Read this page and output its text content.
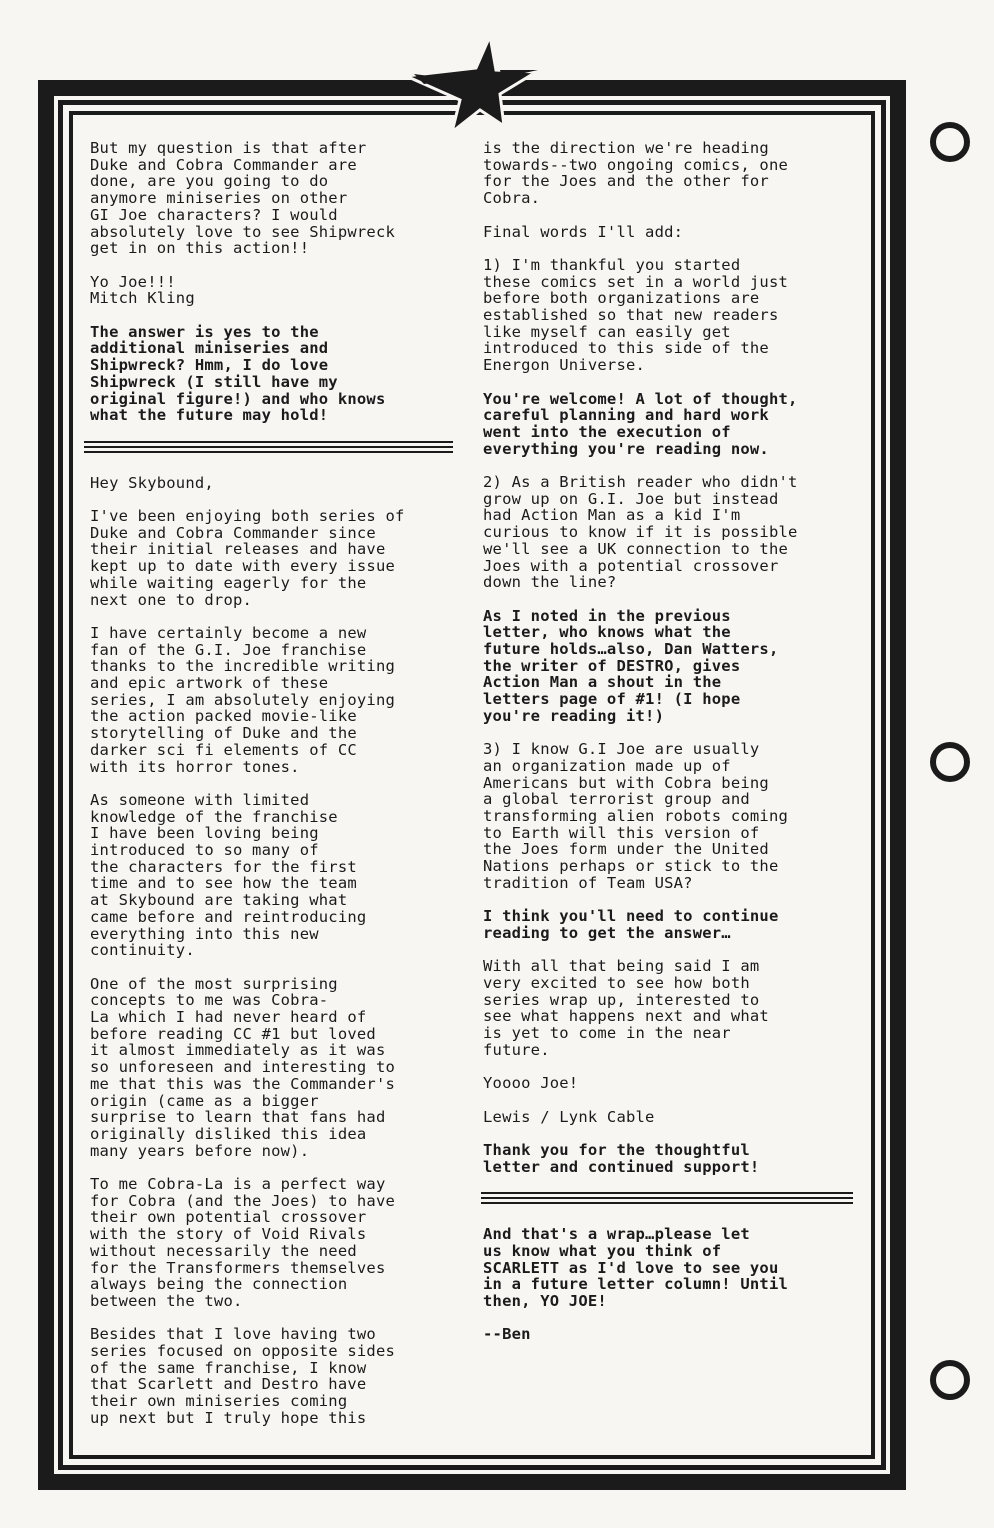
But my question is that after
Duke and Cobra Commander are
done, are you going to do
anymore miniseries on other
GI Joe characters? I would
absolutely love to see Shipwreck
get in on this action!!

Yo Joe!!!
Mitch Kling

The answer is yes to the
additional miniseries and
Shipwreck? Hmm, I do love
Shipwreck (I still have my
original figure!) and who knows
what the future may hold!

Hey Skybound,

I've been enjoying both series of
Duke and Cobra Commander since
their initial releases and have
kept up to date with every issue
while waiting eagerly for the
next one to drop.

I have certainly become a new
fan of the G.I. Joe franchise
thanks to the incredible writing
and epic artwork of these
series, I am absolutely enjoying
the action packed movie-like
storytelling of Duke and the
darker sci fi elements of CC
with its horror tones.

As someone with limited
knowledge of the franchise
I have been loving being
introduced to so many of
the characters for the first
time and to see how the team
at Skybound are taking what
came before and reintroducing
everything into this new
continuity.

One of the most surprising
concepts to me was Cobra-
La which I had never heard of
before reading CC #1 but loved
it almost immediately as it was
so unforeseen and interesting to
me that this was the Commander's
origin (came as a bigger
surprise to learn that fans had
originally disliked this idea
many years before now).

To me Cobra-La is a perfect way
for Cobra (and the Joes) to have
their own potential crossover
with the story of Void Rivals
without necessarily the need
for the Transformers themselves
always being the connection
between the two.

Besides that I love having two
series focused on opposite sides
of the same franchise, I know
that Scarlett and Destro have
their own miniseries coming
up next but I truly hope this

is the direction we're heading
towards--two ongoing comics, one
for the Joes and the other for
Cobra.

Final words I'll add:

1) I'm thankful you started
these comics set in a world just
before both organizations are
established so that new readers
like myself can easily get
introduced to this side of the
Energon Universe.

You're welcome! A lot of thought,
careful planning and hard work
went into the execution of
everything you're reading now.

2) As a British reader who didn't
grow up on G.I. Joe but instead
had Action Man as a kid I'm
curious to know if it is possible
we'll see a UK connection to the
Joes with a potential crossover
down the line?

As I noted in the previous
letter, who knows what the
future holds…also, Dan Watters,
the writer of DESTRO, gives
Action Man a shout in the
letters page of #1! (I hope
you're reading it!)

3) I know G.I Joe are usually
an organization made up of
Americans but with Cobra being
a global terrorist group and
transforming alien robots coming
to Earth will this version of
the Joes form under the United
Nations perhaps or stick to the
tradition of Team USA?

I think you'll need to continue
reading to get the answer…

With all that being said I am
very excited to see how both
series wrap up, interested to
see what happens next and what
is yet to come in the near
future.

Yoooo Joe!

Lewis / Lynk Cable

Thank you for the thoughtful
letter and continued support!

And that's a wrap…please let
us know what you think of
SCARLETT as I'd love to see you
in a future letter column! Until
then, YO JOE!

--Ben
